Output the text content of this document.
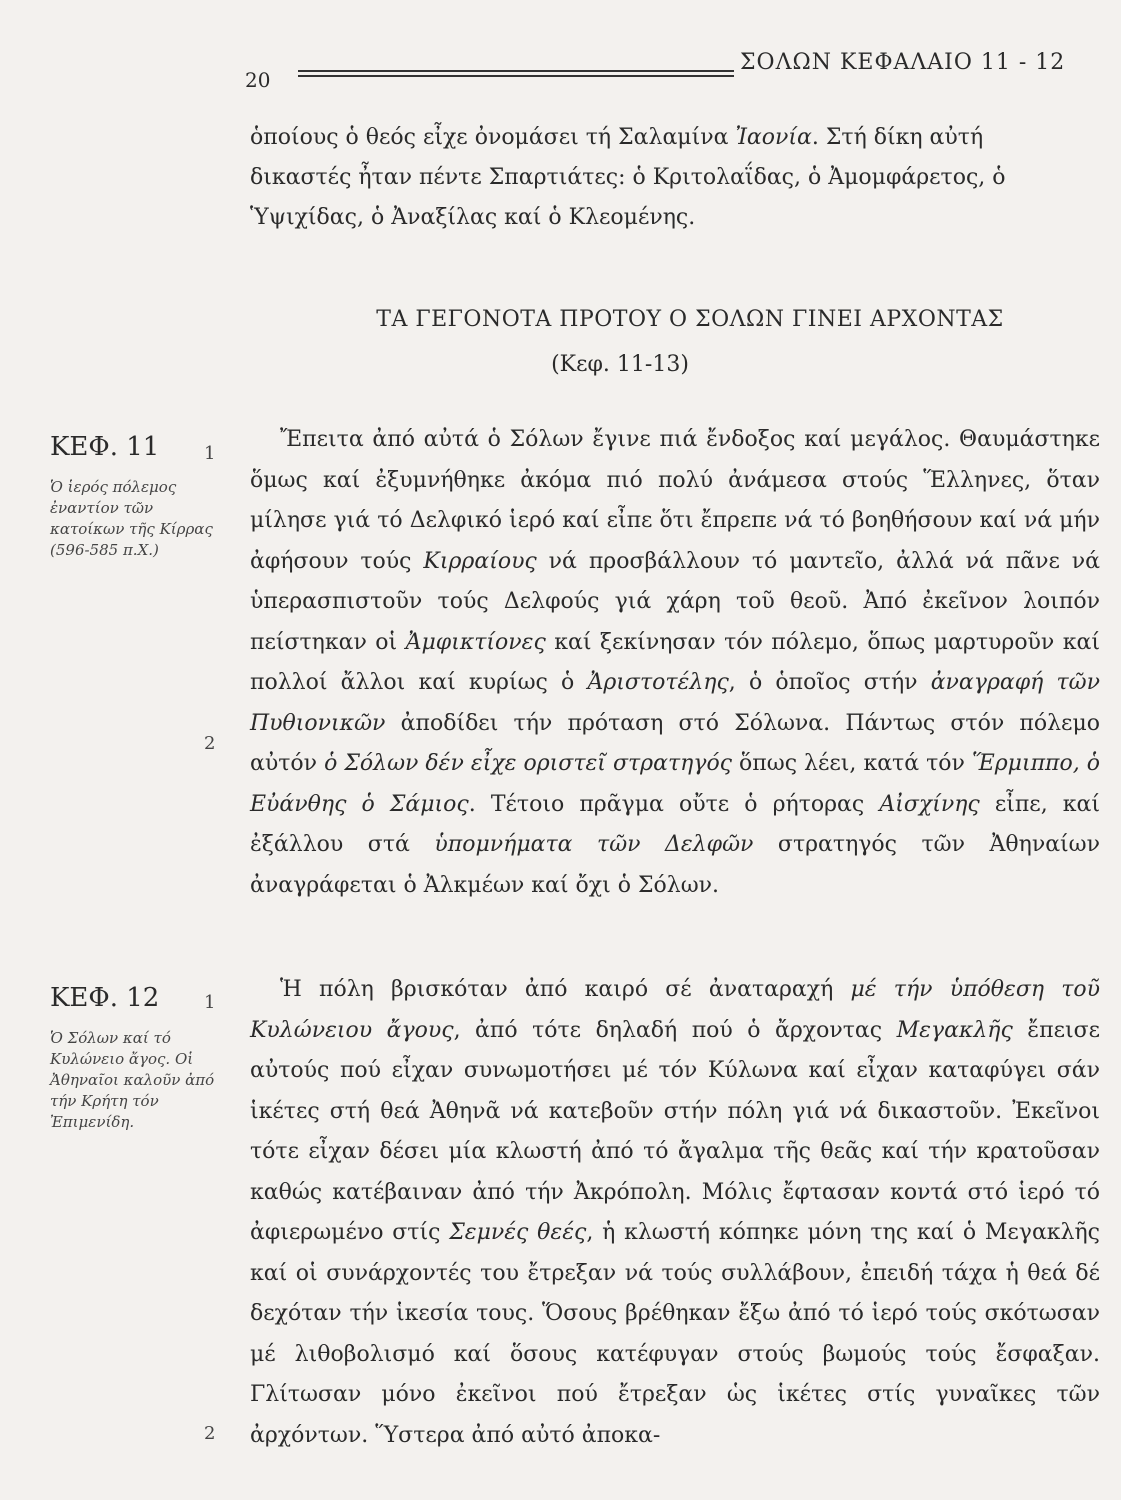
20
ΣΟΛΩΝ ΚΕΦΑΛΑΙΟ 11 - 12
ὁποίους ὁ θεός εἶχε ὀνομάσει τή Σαλαμίνα Ἰαονία. Στή δίκη αὐτή δικαστές ἦταν πέντε Σπαρτιάτες: ὁ Κριτολαΐδας, ὁ Ἀμομφάρετος, ὁ Ὑψιχίδας, ὁ Ἀναξίλας καί ὁ Κλεομένης.
ΤΑ ΓΕΓΟΝΟΤΑ ΠΡΟΤΟΥ Ο ΣΟΛΩΝ ΓΙΝΕΙ ΑΡΧΟΝΤΑΣ
(Κεφ. 11-13)
ΚΕΦ. 11
Ὁ ἱερός πόλεμος ἐναντίον τῶν κατοίκων τῆς Κίρρας (596-585 π.Χ.)
1
2
Ἔπειτα ἀπό αὐτά ὁ Σόλων ἔγινε πιά ἔνδοξος καί μεγάλος. Θαυμάστηκε ὅμως καί ἐξυμνήθηκε ἀκόμα πιό πολύ ἀνάμεσα στούς Ἕλληνες, ὅταν μίλησε γιά τό Δελφικό ἱερό καί εἶπε ὅτι ἔπρεπε νά τό βοηθήσουν καί νά μήν ἀφήσουν τούς Κιρραίους νά προσβάλλουν τό μαντεῖο, ἀλλά νά πᾶνε νά ὑπερασπιστοῦν τούς Δελφούς γιά χάρη τοῦ θεοῦ. Ἀπό ἐκεῖνον λοιπόν πείστηκαν οἱ Ἀμφικτίονες καί ξεκίνησαν τόν πόλεμο, ὅπως μαρτυροῦν καί πολλοί ἄλλοι καί κυρίως ὁ Ἀριστοτέλης, ὁ ὁποῖος στήν ἀναγραφή τῶν Πυθιονικῶν ἀποδίδει τήν πρόταση στό Σόλωνα. Πάντως στόν πόλεμο αὐτόν ὁ Σόλων δέν εἶχε οριστεῖ στρατηγός ὅπως λέει, κατά τόν Ἕρμιππο, ὁ Εὐάνθης ὁ Σάμιος. Τέτοιο πρᾶγμα οὔτε ὁ ρήτορας Αἰσχίνης εἶπε, καί ἐξάλλου στά ὑπομνήματα τῶν Δελφῶν στρατηγός τῶν Ἀθηναίων ἀναγράφεται ὁ Ἀλκμέων καί ὄχι ὁ Σόλων.
ΚΕΦ. 12
Ὁ Σόλων καί τό Κυλώνειο ἄγος. Οἱ Ἀθηναῖοι καλοῦν ἀπό τήν Κρήτη τόν Ἐπιμενίδη.
1
2
Ἡ πόλη βρισκόταν ἀπό καιρό σέ ἀναταραχή μέ τήν ὑπόθεση τοῦ Κυλώνειου ἄγους, ἀπό τότε δηλαδή πού ὁ ἄρχοντας Μεγακλῆς ἔπεισε αὐτούς πού εἶχαν συνωμοτήσει μέ τόν Κύλωνα καί εἶχαν καταφύγει σάν ἱκέτες στή θεά Ἀθηνᾶ νά κατεβοῦν στήν πόλη γιά νά δικαστοῦν. Ἐκεῖνοι τότε εἶχαν δέσει μία κλωστή ἀπό τό ἄγαλμα τῆς θεᾶς καί τήν κρατοῦσαν καθώς κατέβαιναν ἀπό τήν Ἀκρόπολη. Μόλις ἔφτασαν κοντά στό ἱερό τό ἀφιερωμένο στίς Σεμνές θεές, ἡ κλωστή κόπηκε μόνη της καί ὁ Μεγακλῆς καί οἱ συνάρχοντές του ἔτρεξαν νά τούς συλλάβουν, ἐπειδή τάχα ἡ θεά δέ δεχόταν τήν ἱκεσία τους. Ὅσους βρέθηκαν ἔξω ἀπό τό ἱερό τούς σκότωσαν μέ λιθοβολισμό καί ὅσους κατέφυγαν στούς βωμούς τούς ἔσφαξαν. Γλίτωσαν μόνο ἐκεῖνοι πού ἔτρεξαν ὡς ἱκέτες στίς γυναῖκες τῶν ἀρχόντων. Ὕστερα ἀπό αὐτό ἀποκα-
